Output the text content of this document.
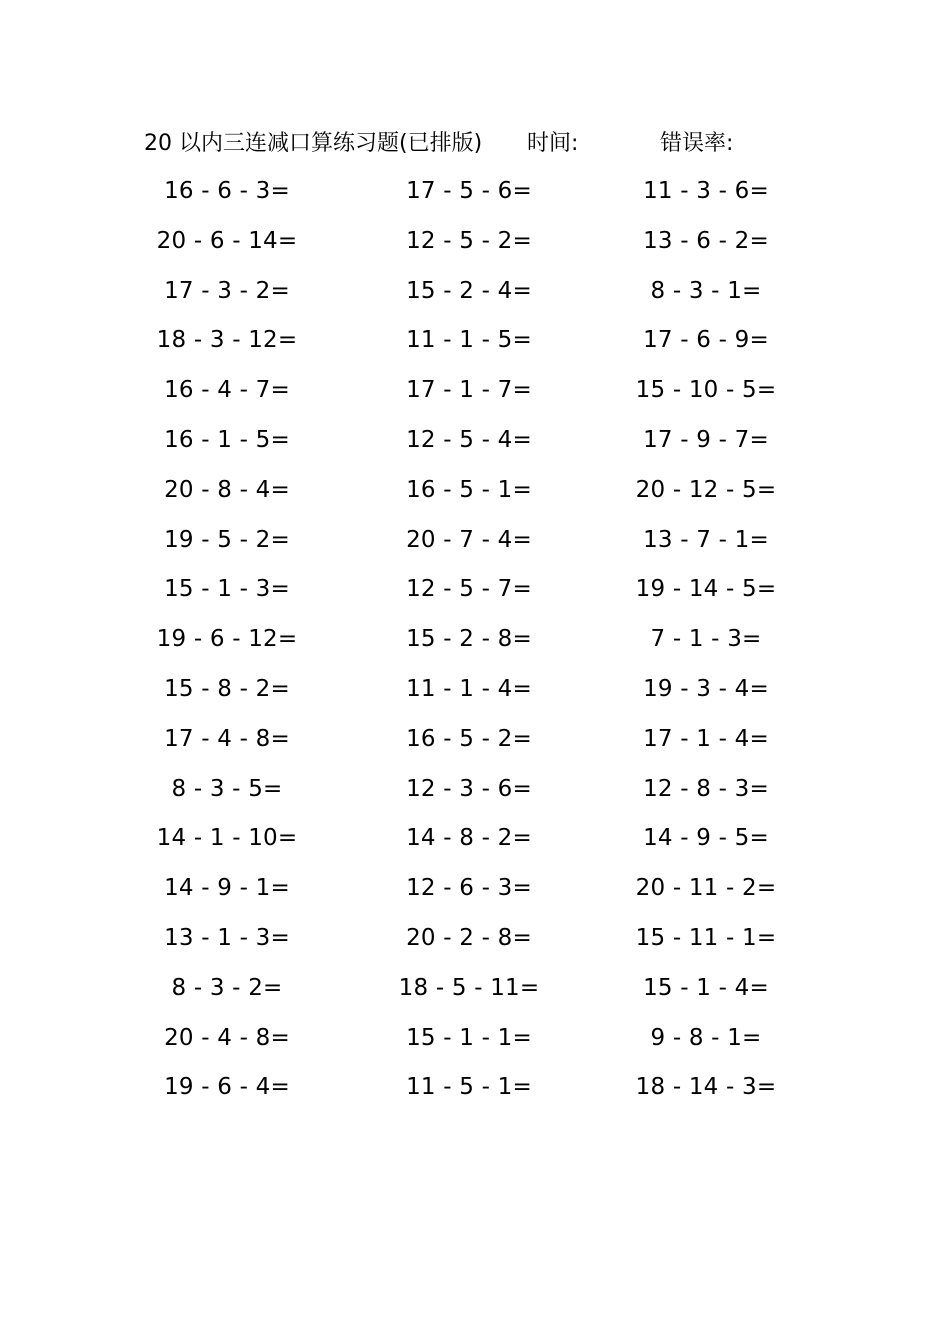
20 以内三连减口算练习题(已排版) 时间:	错误率:
16 - 6 - 3=	17 - 5 - 6=	11 - 3 - 6=
20 - 6 - 14=	12 - 5 - 2=	13 - 6 - 2=
17 - 3 - 2=	15 - 2 - 4=	8 - 3 - 1=
18 - 3 - 12=	11 - 1 - 5=	17 - 6 - 9=
16 - 4 - 7=	17 - 1 - 7=	15 - 10 - 5=
16 - 1 - 5=	12 - 5 - 4=	17 - 9 - 7=
20 - 8 - 4=	16 - 5 - 1=	20 - 12 - 5=
19 - 5 - 2=	20 - 7 - 4=	13 - 7 - 1=
15 - 1 - 3=	12 - 5 - 7=	19 - 14 - 5=
19 - 6 - 12=	15 - 2 - 8=	7 - 1 - 3=
15 - 8 - 2=	11 - 1 - 4=	19 - 3 - 4=
17 - 4 - 8=	16 - 5 - 2=	17 - 1 - 4=
8 - 3 - 5=	12 - 3 - 6=	12 - 8 - 3=
14 - 1 - 10=	14 - 8 - 2=	14 - 9 - 5=
14 - 9 - 1=	12 - 6 - 3=	20 - 11 - 2=
13 - 1 - 3=	20 - 2 - 8=	15 - 11 - 1=
8 - 3 - 2=	18 - 5 - 11=	15 - 1 - 4=
20 - 4 - 8=	15 - 1 - 1=	9 - 8 - 1=
19 - 6 - 4=	11 - 5 - 1=	18 - 14 - 3=
